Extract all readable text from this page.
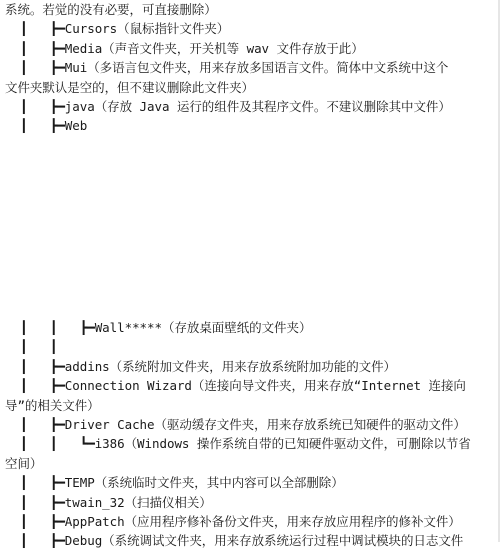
系统。若觉的没有必要，可直接删除）
┃   ┣━Cursors（鼠标指针文件夹）
┃   ┣━Media（声音文件夹，开关机等 wav 文件存放于此）
┃   ┣━Mui（多语言包文件夹，用来存放多国语言文件。简体中文系统中这个
文件夹默认是空的，但不建议删除此文件夹）
┃   ┣━java（存放 Java 运行的组件及其程序文件。不建议删除其中文件）
┃   ┣━Web
┃   ┃   ┣━Wall*****（存放桌面壁纸的文件夹）
┃   ┃
┃   ┣━addins（系统附加文件夹，用来存放系统附加功能的文件）
┃   ┣━Connection Wizard（连接向导文件夹，用来存放“Internet 连接向
导”的相关文件）
┃   ┣━Driver Cache（驱动缓存文件夹，用来存放系统已知硬件的驱动文件）
┃   ┃   ┗━i386（Windows 操作系统自带的已知硬件驱动文件，可删除以节省
空间）
┃   ┣━TEMP（系统临时文件夹，其中内容可以全部删除）
┃   ┣━twain_32（扫描仪相关）
┃   ┣━AppPatch（应用程序修补备份文件夹，用来存放应用程序的修补文件）
┃   ┣━Debug（系统调试文件夹，用来存放系统运行过程中调试模块的日志文件
